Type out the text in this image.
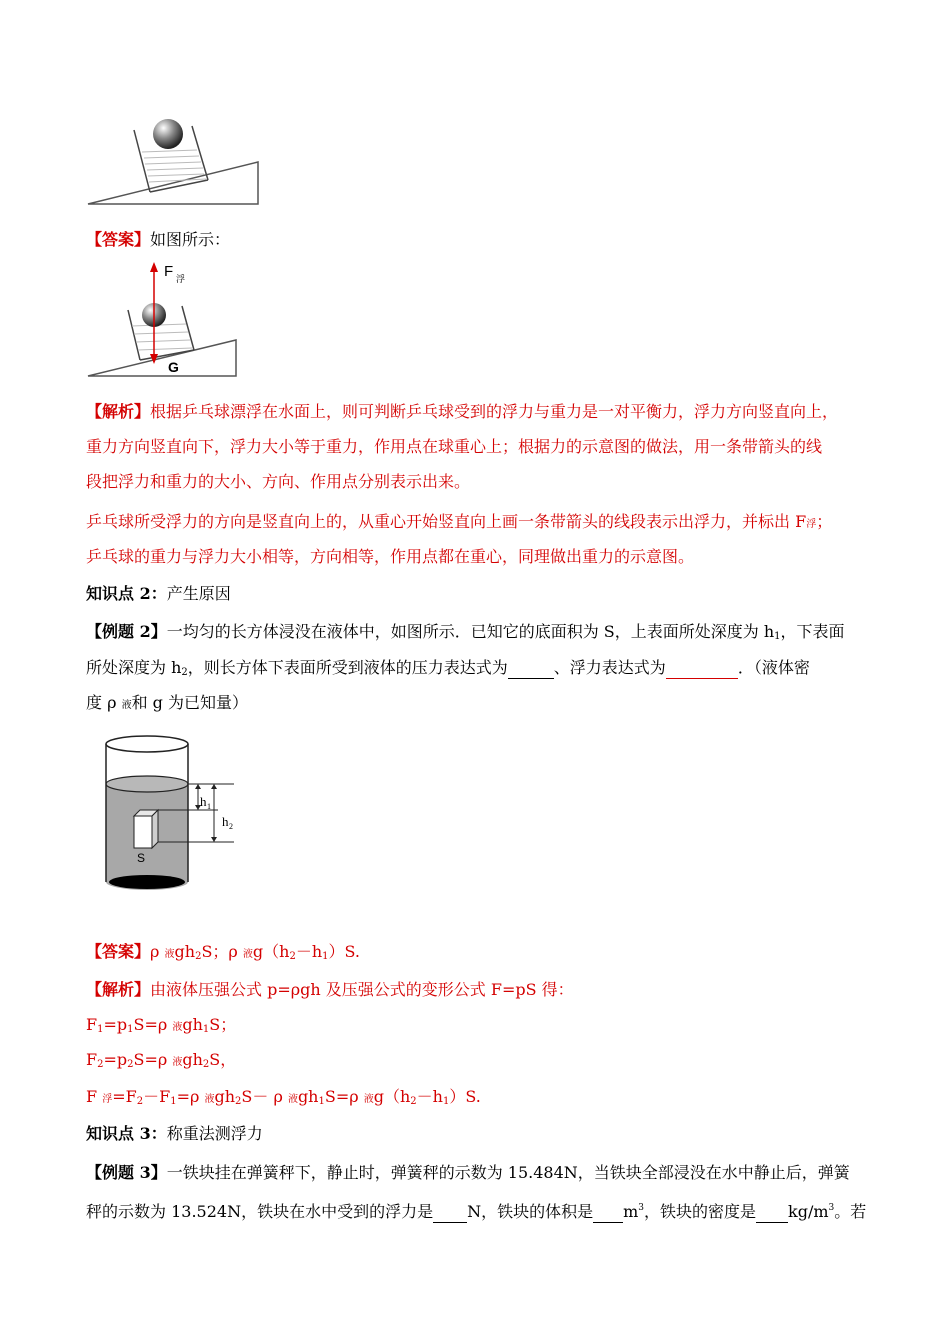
【答案】如图所示：
F 浮
G
【解析】根据乒乓球漂浮在水面上，则可判断乒乓球受到的浮力与重力是一对平衡力，浮力方向竖直向上，
重力方向竖直向下，浮力大小等于重力，作用点在球重心上；根据力的示意图的做法，用一条带箭头的线
段把浮力和重力的大小、方向、作用点分别表示出来。
乒乓球所受浮力的方向是竖直向上的，从重心开始竖直向上画一条带箭头的线段表示出浮力，并标出 F浮；
乒乓球的重力与浮力大小相等，方向相等，作用点都在重心，同理做出重力的示意图。
知识点 2：产生原因
【例题 2】一均匀的长方体浸没在液体中，如图所示．已知它的底面积为 S，上表面所处深度为 $h_1$，下表面
所处深度为 $h_2$，则长方体下表面所受到液体的压力表达式为	、浮力表达式为	．（液体密
度 ρ 液和 g 为已知量）
h 1
h 2
S
【答案】ρ 液$gh_2S$；ρ 液$g(h_2-h_1)S$.
【解析】由液体压强公式 p=ρgh 及压强公式的变形公式 F=pS 得：
$F_1=p_1S=\rho$ 液$gh_1S$；
$F_2=p_2S=\rho$ 液$gh_2S$，
F 浮$=F_2-F_1=\rho$ 液$gh_2S- \rho$ 液$gh_1S=\rho$ 液$g(h_2-h_1)S$.
知识点 3：称重法测浮力
【例题 3】一铁块挂在弹簧秤下，静止时，弹簧秤的示数为 15.484N，当铁块全部浸没在水中静止后，弹簧
秤的示数为 13.524N，铁块在水中受到的浮力是 N，铁块的体积是 $m^3$，铁块的密度是 $kg/m^3$。若
